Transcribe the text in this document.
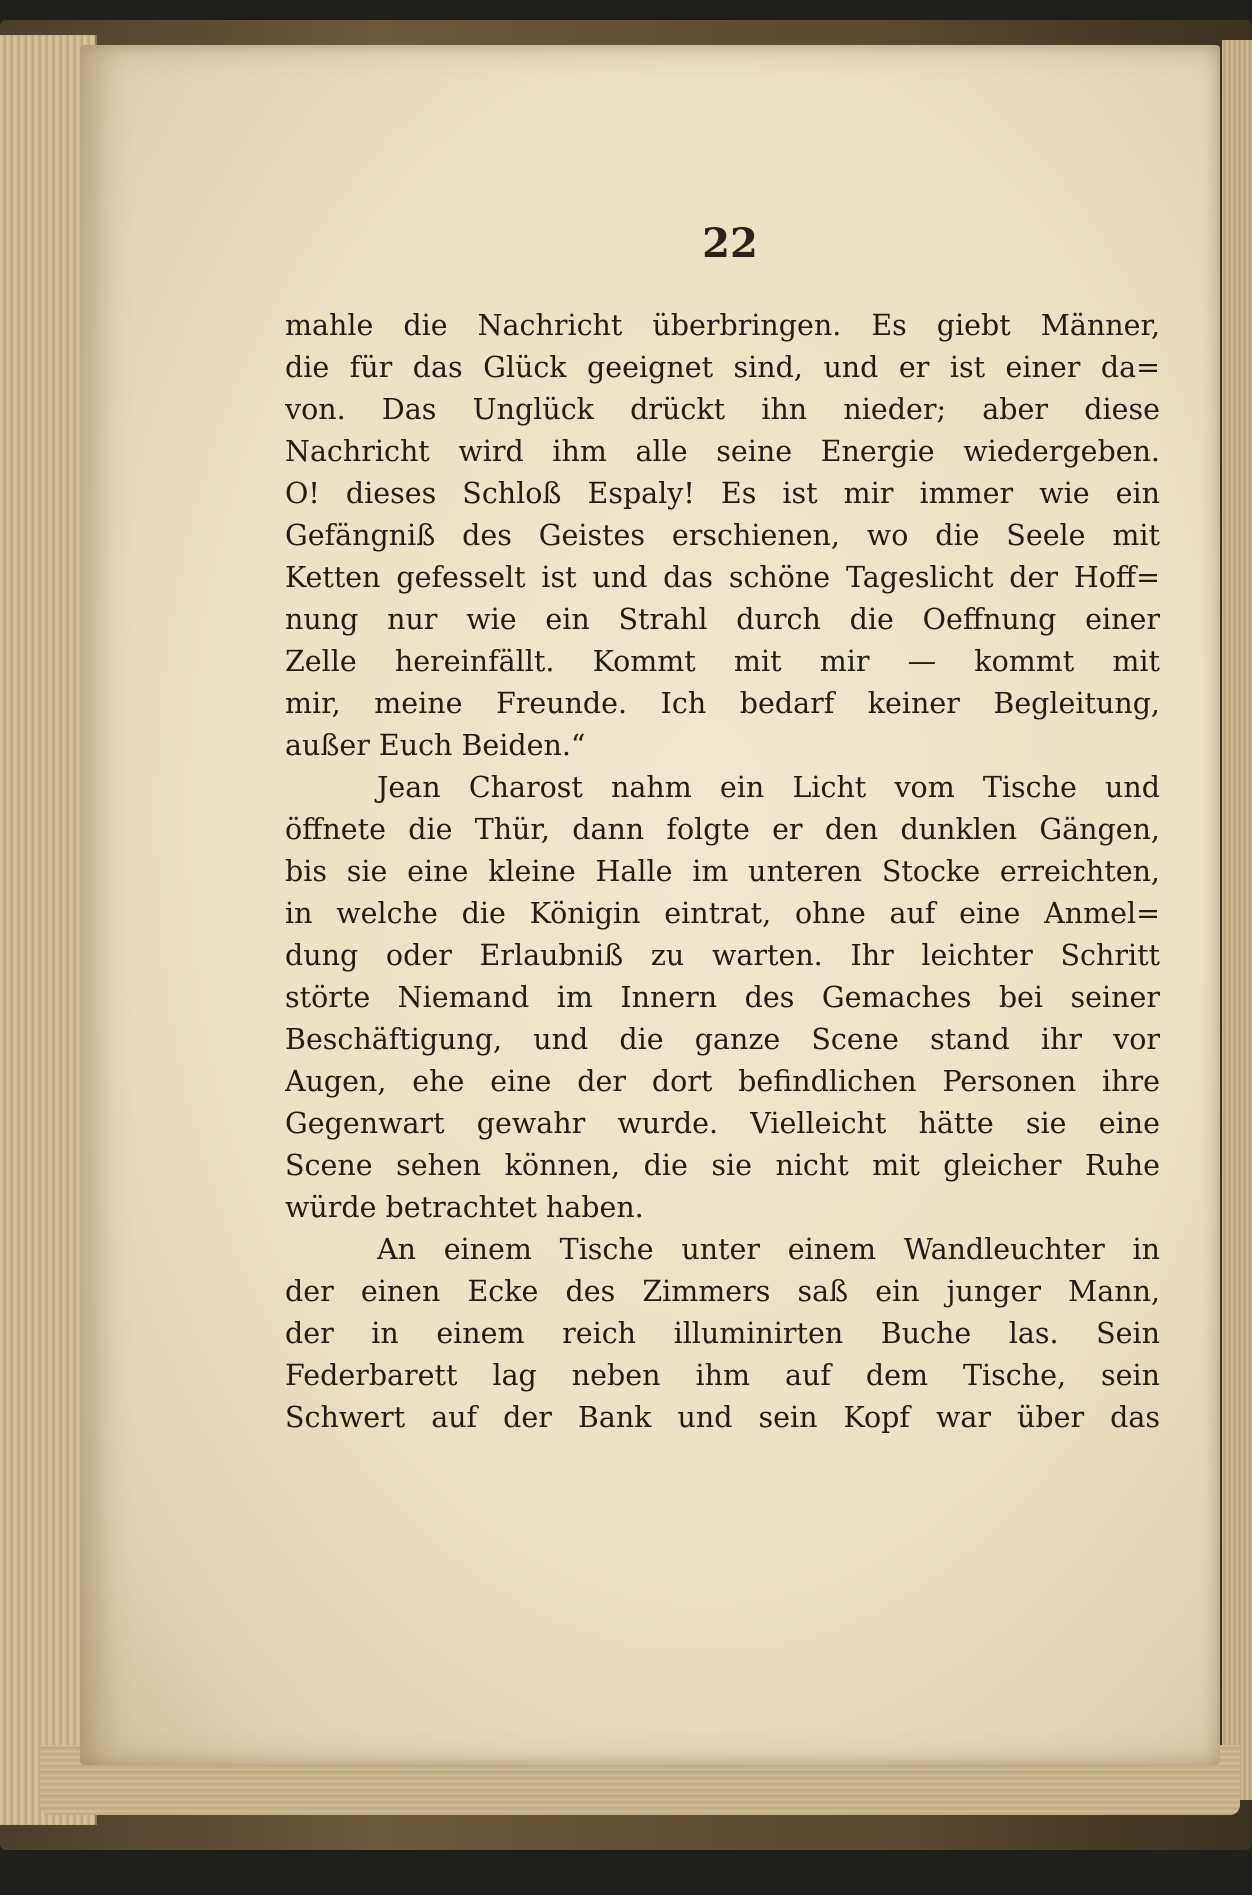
22
mahle die Nachricht überbringen. Es giebt Männer,
die für das Glück geeignet sind, und er ist einer da=
von. Das Unglück drückt ihn nieder; aber diese
Nachricht wird ihm alle seine Energie wiedergeben.
O! dieses Schloß Espaly! Es ist mir immer wie ein
Gefängniß des Geistes erschienen, wo die Seele mit
Ketten gefesselt ist und das schöne Tageslicht der Hoff=
nung nur wie ein Strahl durch die Oeffnung einer
Zelle hereinfällt. Kommt mit mir — kommt mit
mir, meine Freunde. Ich bedarf keiner Begleitung,
außer Euch Beiden.“
Jean Charost nahm ein Licht vom Tische und
öffnete die Thür, dann folgte er den dunklen Gängen,
bis sie eine kleine Halle im unteren Stocke erreichten,
in welche die Königin eintrat, ohne auf eine Anmel=
dung oder Erlaubniß zu warten. Ihr leichter Schritt
störte Niemand im Innern des Gemaches bei seiner
Beschäftigung, und die ganze Scene stand ihr vor
Augen, ehe eine der dort befindlichen Personen ihre
Gegenwart gewahr wurde. Vielleicht hätte sie eine
Scene sehen können, die sie nicht mit gleicher Ruhe
würde betrachtet haben.
An einem Tische unter einem Wandleuchter in
der einen Ecke des Zimmers saß ein junger Mann,
der in einem reich illuminirten Buche las. Sein
Federbarett lag neben ihm auf dem Tische, sein
Schwert auf der Bank und sein Kopf war über das
